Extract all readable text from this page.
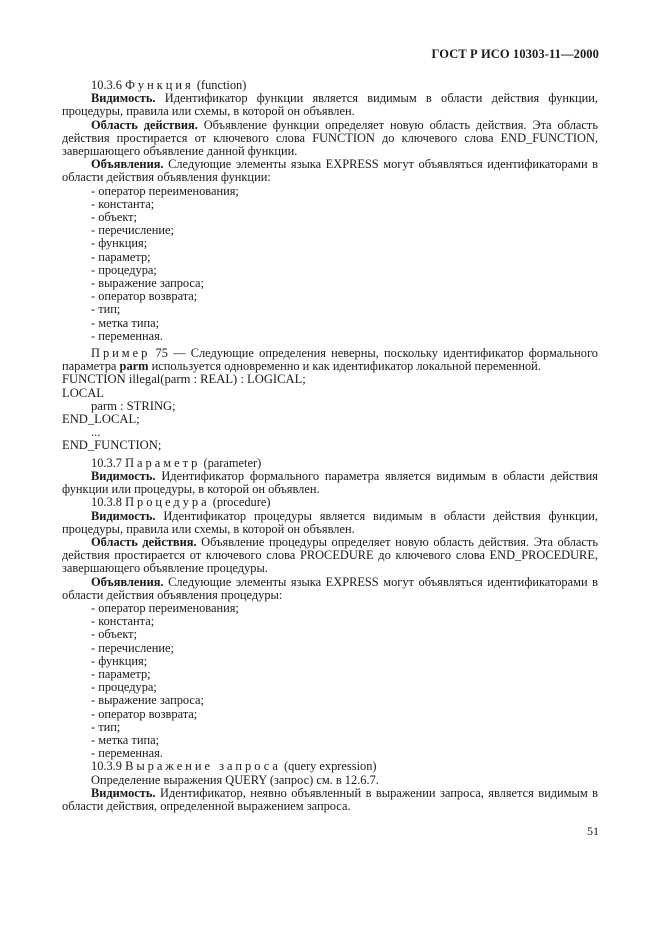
ГОСТ Р ИСО 10303-11—2000

10.3.6 Функция (function)

Видимость. Идентификатор функции является видимым в области действия функции, процедуры, правила или схемы, в которой он объявлен.

Область действия. Объявление функции определяет новую область действия. Эта область действия простирается от ключевого слова FUNCTION до ключевого слова END_FUNCTION, завершающего объявление данной функции.

Объявления. Следующие элементы языка EXPRESS могут объявляться идентификаторами в области действия объявления функции:

- оператор переименования;

- константа;

- объект;

- перечисление;

- функция;

- параметр;

- процедура;

- выражение запроса;

- оператор возврата;

- тип;

- метка типа;

- переменная.

Пример 75 — Следующие определения неверны, поскольку идентификатор формального параметра parm используется одновременно и как идентификатор локальной переменной.

FUNCTION illegal(parm : REAL) : LOGICAL;

LOCAL

parm : STRING;

END_LOCAL;

...

END_FUNCTION;

10.3.7 Параметр (parameter)

Видимость. Идентификатор формального параметра является видимым в области действия функции или процедуры, в которой он объявлен.

10.3.8 Процедура (procedure)

Видимость. Идентификатор процедуры является видимым в области действия функции, процедуры, правила или схемы, в которой он объявлен.

Область действия. Объявление процедуры определяет новую область действия. Эта область действия простирается от ключевого слова PROCEDURE до ключевого слова END_PROCEDURE, завершающего объявление процедуры.

Объявления. Следующие элементы языка EXPRESS могут объявляться идентификаторами в области действия объявления процедуры:

- оператор переименования;

- константа;

- объект;

- перечисление;

- функция;

- параметр;

- процедура;

- выражение запроса;

- оператор возврата;

- тип;

- метка типа;

- переменная.

10.3.9 Выражение запроса (query expression)

Определение выражения QUERY (запрос) см. в 12.6.7.

Видимость. Идентификатор, неявно объявленный в выражении запроса, является видимым в области действия, определенной выражением запроса.

51
